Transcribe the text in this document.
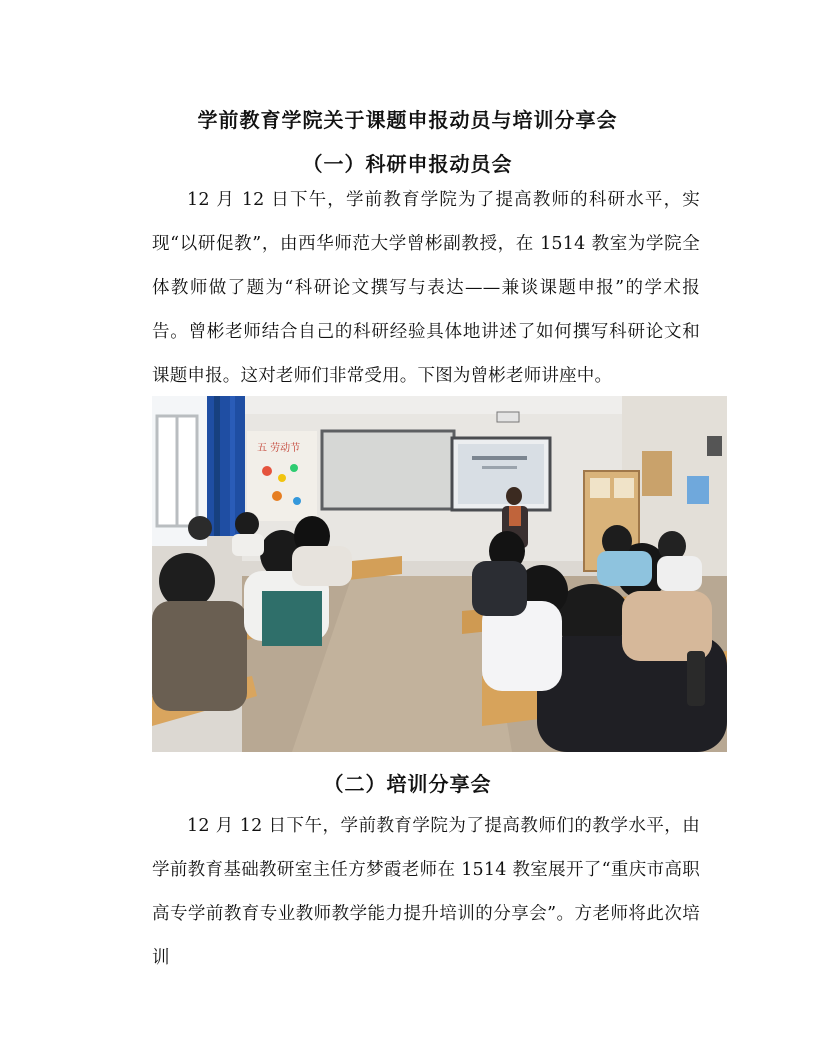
学前教育学院关于课题申报动员与培训分享会
（一）科研申报动员会

12 月 12 日下午，学前教育学院为了提高教师的科研水平，实现“以研促教”，由西华师范大学曾彬副教授，在 1514 教室为学院全体教师做了题为“科研论文撰写与表达——兼谈课题申报”的学术报告。曾彬老师结合自己的科研经验具体地讲述了如何撰写科研论文和课题申报。这对老师们非常受用。下图为曾彬老师讲座中。

五 劳动节
（二）培训分享会

12 月 12 日下午，学前教育学院为了提高教师们的教学水平，由学前教育基础教研室主任方梦霞老师在 1514 教室展开了“重庆市高职高专学前教育专业教师教学能力提升培训的分享会”。方老师将此次培训
